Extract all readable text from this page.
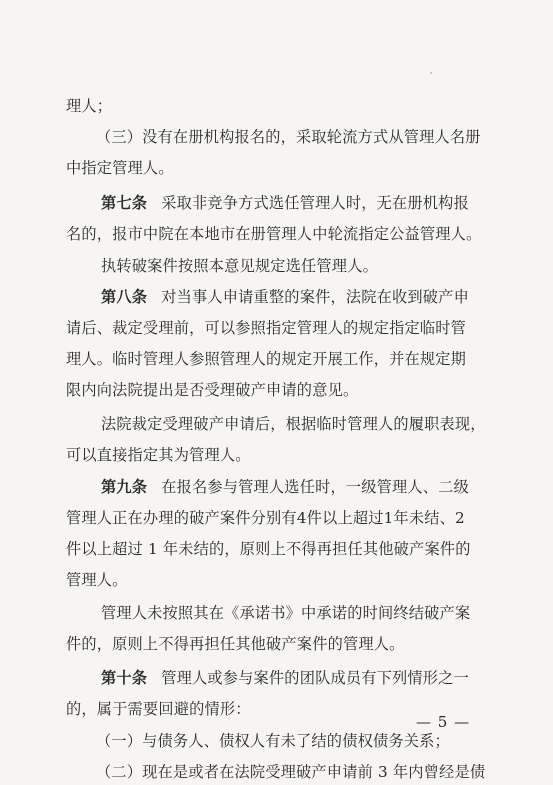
理人；
（三）没有在册机构报名的，采取轮流方式从管理人名册
中指定管理人。
第七条 采取非竞争方式选任管理人时，无在册机构报
名的，报市中院在本地市在册管理人中轮流指定公益管理人。
执转破案件按照本意见规定选任管理人。
第八条 对当事人申请重整的案件，法院在收到破产申
请后、裁定受理前，可以参照指定管理人的规定指定临时管
理人。临时管理人参照管理人的规定开展工作，并在规定期
限内向法院提出是否受理破产申请的意见。
法院裁定受理破产申请后，根据临时管理人的履职表现，
可以直接指定其为管理人。
第九条 在报名参与管理人选任时，一级管理人、二级
管理人正在办理的破产案件分别有4件以上超过1年未结、2
件以上超过 1 年未结的，原则上不得再担任其他破产案件的
管理人。
管理人未按照其在《承诺书》中承诺的时间终结破产案
件的，原则上不得再担任其他破产案件的管理人。
第十条 管理人或参与案件的团队成员有下列情形之一
的，属于需要回避的情形：
（一）与债务人、债权人有未了结的债权债务关系；
（二）现在是或者在法院受理破产申请前 3 年内曾经是债
— 5 —
